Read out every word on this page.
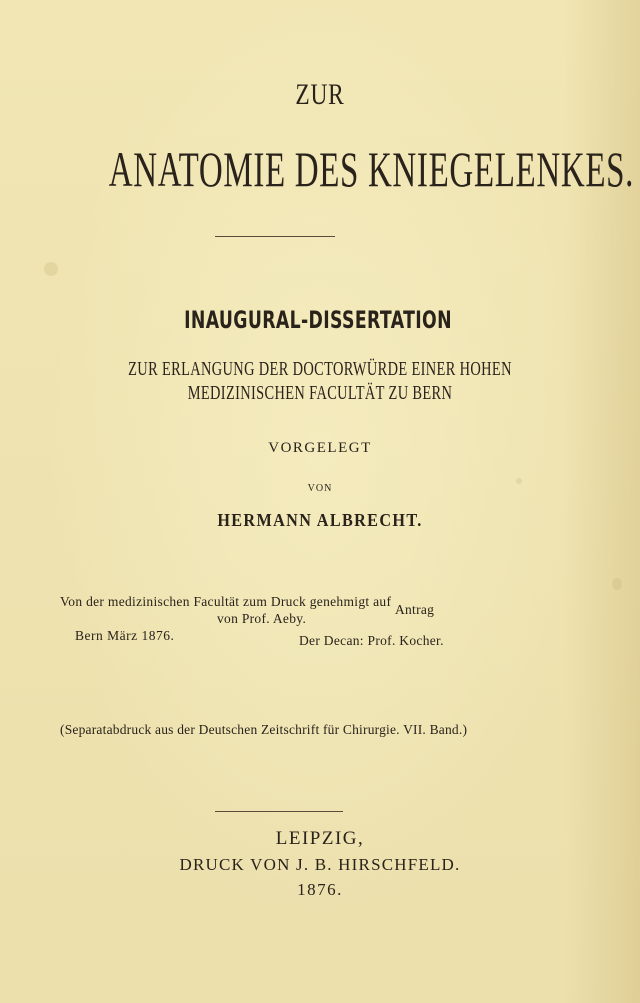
ZUR
ANATOMIE DES KNIEGELENKES.
INAUGURAL-DISSERTATION
ZUR ERLANGUNG DER DOCTORWÜRDE EINER HOHEN
MEDIZINISCHEN FACULTÄT ZU BERN
VORGELEGT
VON
HERMANN ALBRECHT.
Von der medizinischen Facultät zum Druck genehmigt auf Antrag
von Prof. Aeby.
Bern März 1876.	Der Decan: Prof. Kocher.
(Separatabdruck aus der Deutschen Zeitschrift für Chirurgie. VII. Band.)
LEIPZIG,
DRUCK VON J. B. HIRSCHFELD.
1876.
